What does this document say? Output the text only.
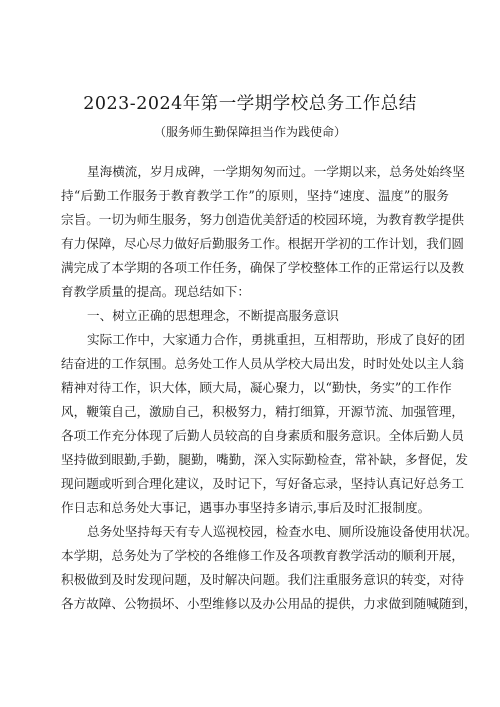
2023-2024年第一学期学校总务工作总结
（服务师生勤保障担当作为践使命）
星海横流，岁月成碑，一学期匆匆而过。一学期以来，总务处始终坚
持“后勤工作服务于教育教学工作”的原则，坚持“速度、温度”的服务
宗旨。一切为师生服务，努力创造优美舒适的校园环境，为教育教学提供
有力保障，尽心尽力做好后勤服务工作。根据开学初的工作计划，我们圆
满完成了本学期的各项工作任务，确保了学校整体工作的正常运行以及教
育教学质量的提高。现总结如下：
一、树立正确的思想理念，不断提高服务意识
实际工作中，大家通力合作，勇挑重担，互相帮助，形成了良好的团
结奋进的工作氛围。总务处工作人员从学校大局出发，时时处处以主人翁
精神对待工作，识大体，顾大局，凝心聚力，以“勤快，务实”的工作作
风，鞭策自己，激励自己，积极努力，精打细算，开源节流、加强管理，
各项工作充分体现了后勤人员较高的自身素质和服务意识。全体后勤人员
坚持做到眼勤,手勤，腿勤，嘴勤，深入实际勤检查，常补缺，多督促，发
现问题或听到合理化建议，及时记下，写好备忘录，坚持认真记好总务工
作日志和总务处大事记，遇事办事坚持多请示,事后及时汇报制度。
总务处坚持每天有专人巡视校园，检查水电、厕所设施设备使用状况。
本学期，总务处为了学校的各维修工作及各项教育教学活动的顺利开展，
积极做到及时发现问题，及时解决问题。我们注重服务意识的转变，对待
各方故障、公物损坏、小型维修以及办公用品的提供，力求做到随喊随到，
